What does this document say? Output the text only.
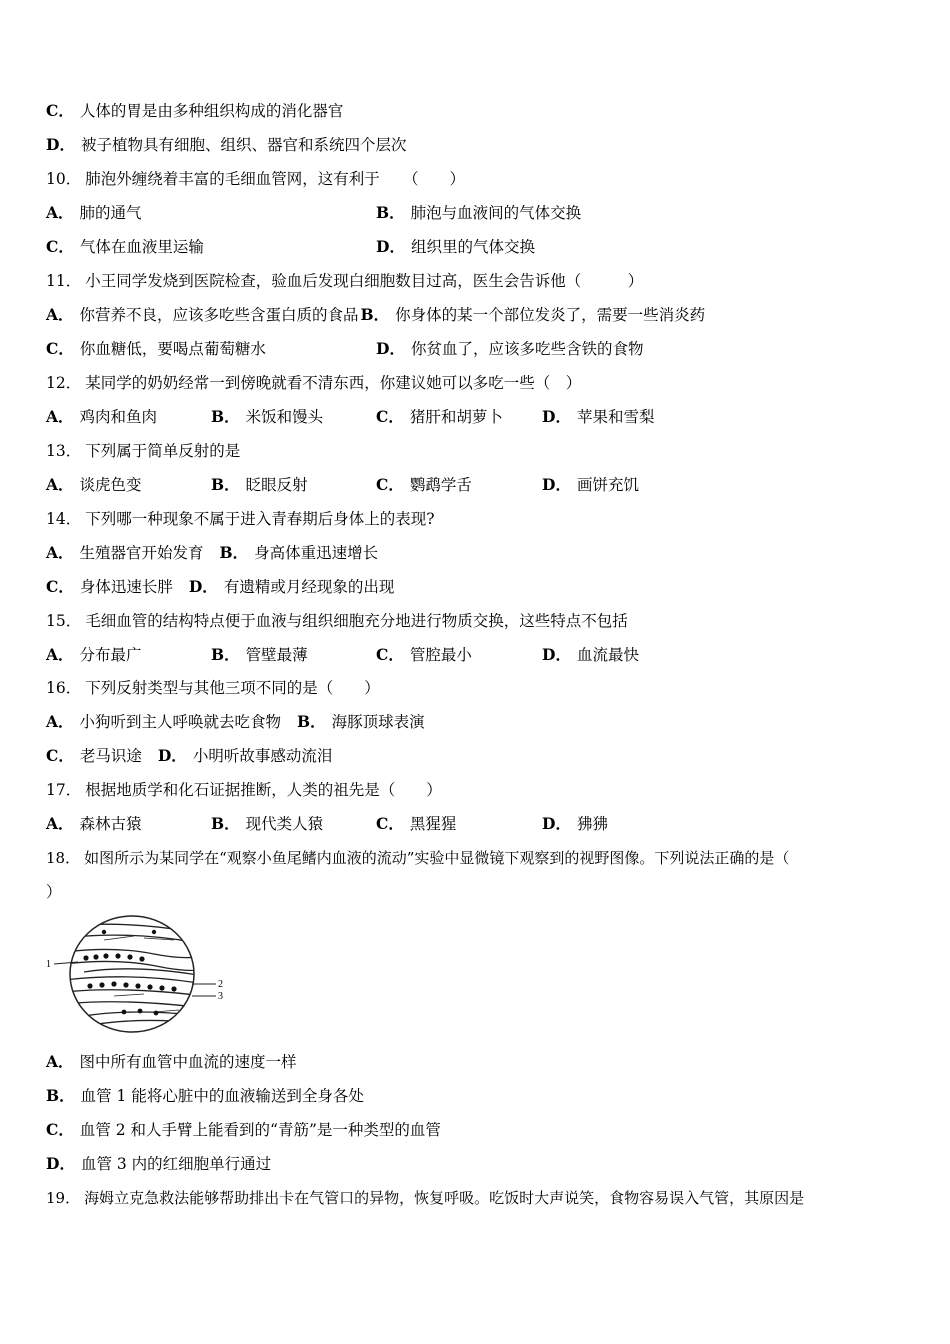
C． 人体的胃是由多种组织构成的消化器官
D． 被子植物具有细胞、组织、器官和系统四个层次
10． 肺泡外缠绕着丰富的毛细血管网，这有利于　　（　　）
A． 肺的通气	B． 肺泡与血液间的气体交换
C． 气体在血液里运输	D． 组织里的气体交换
11． 小王同学发烧到医院检查，验血后发现白细胞数目过高，医生会告诉他（　　　）
A． 你营养不良，应该多吃些含蛋白质的食品 B． 你身体的某一个部位发炎了，需要一些消炎药
C． 你血糖低，要喝点葡萄糖水	D． 你贫血了，应该多吃些含铁的食物
12． 某同学的奶奶经常一到傍晚就看不清东西，你建议她可以多吃一些（　）
A． 鸡肉和鱼肉	B． 米饭和馒头	C． 猪肝和胡萝卜	D． 苹果和雪梨
13． 下列属于简单反射的是
A． 谈虎色变	B． 眨眼反射	C． 鹦鹉学舌	D． 画饼充饥
14． 下列哪一种现象不属于进入青春期后身体上的表现?
A． 生殖器官开始发育 B． 身高体重迅速增长
C． 身体迅速长胖 D． 有遗精或月经现象的出现
15． 毛细血管的结构特点便于血液与组织细胞充分地进行物质交换，这些特点不包括
A． 分布最广	B． 管壁最薄	C． 管腔最小	D． 血流最快
16． 下列反射类型与其他三项不同的是（　　）
A． 小狗听到主人呼唤就去吃食物 B． 海豚顶球表演
C． 老马识途 D． 小明听故事感动流泪
17． 根据地质学和化石证据推断，人类的祖先是（　　）
A． 森林古猿	B． 现代类人猿	C． 黑猩猩	D． 狒狒
18． 如图所示为某同学在“观察小鱼尾鳍内血液的流动”实验中显微镜下观察到的视野图像。下列说法正确的是（
）
1
2
3
A． 图中所有血管中血流的速度一样
B． 血管 1 能将心脏中的血液输送到全身各处
C． 血管 2 和人手臂上能看到的“青筋”是一种类型的血管
D． 血管 3 内的红细胞单行通过
19． 海姆立克急救法能够帮助排出卡在气管口的异物，恢复呼吸。吃饭时大声说笑，食物容易误入气管，其原因是
